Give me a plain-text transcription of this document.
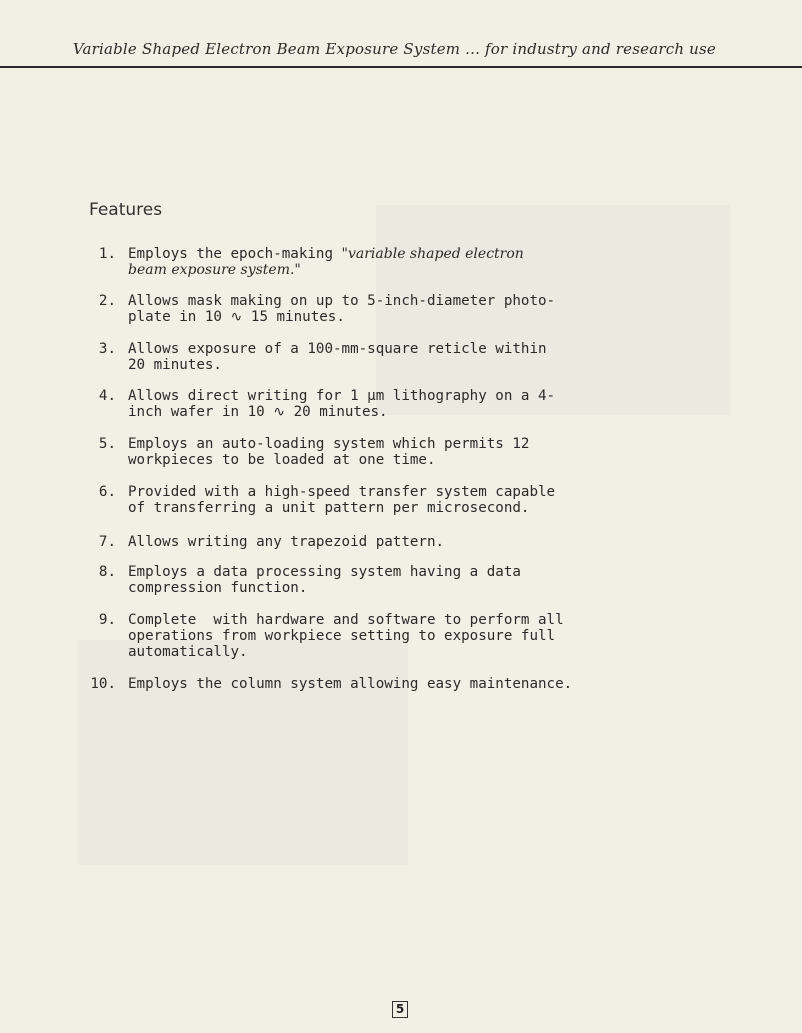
Variable Shaped Electron Beam Exposure System ... for industry and research use
Features
1. Employs the epoch-making "variable shaped electron
beam exposure system."
2. Allows mask making on up to 5-inch-diameter photo-
plate in 10 ∿ 15 minutes.
3. Allows exposure of a 100-mm-square reticle within
20 minutes.
4. Allows direct writing for 1 μm lithography on a 4-
inch wafer in 10 ∿ 20 minutes.
5. Employs an auto-loading system which permits 12
workpieces to be loaded at one time.
6. Provided with a high-speed transfer system capable
of transferring a unit pattern per microsecond.
7. Allows writing any trapezoid pattern.
8. Employs a data processing system having a data
compression function.
9. Complete  with hardware and software to perform all
operations from workpiece setting to exposure full
automatically.
10. Employs the column system allowing easy maintenance.
5
